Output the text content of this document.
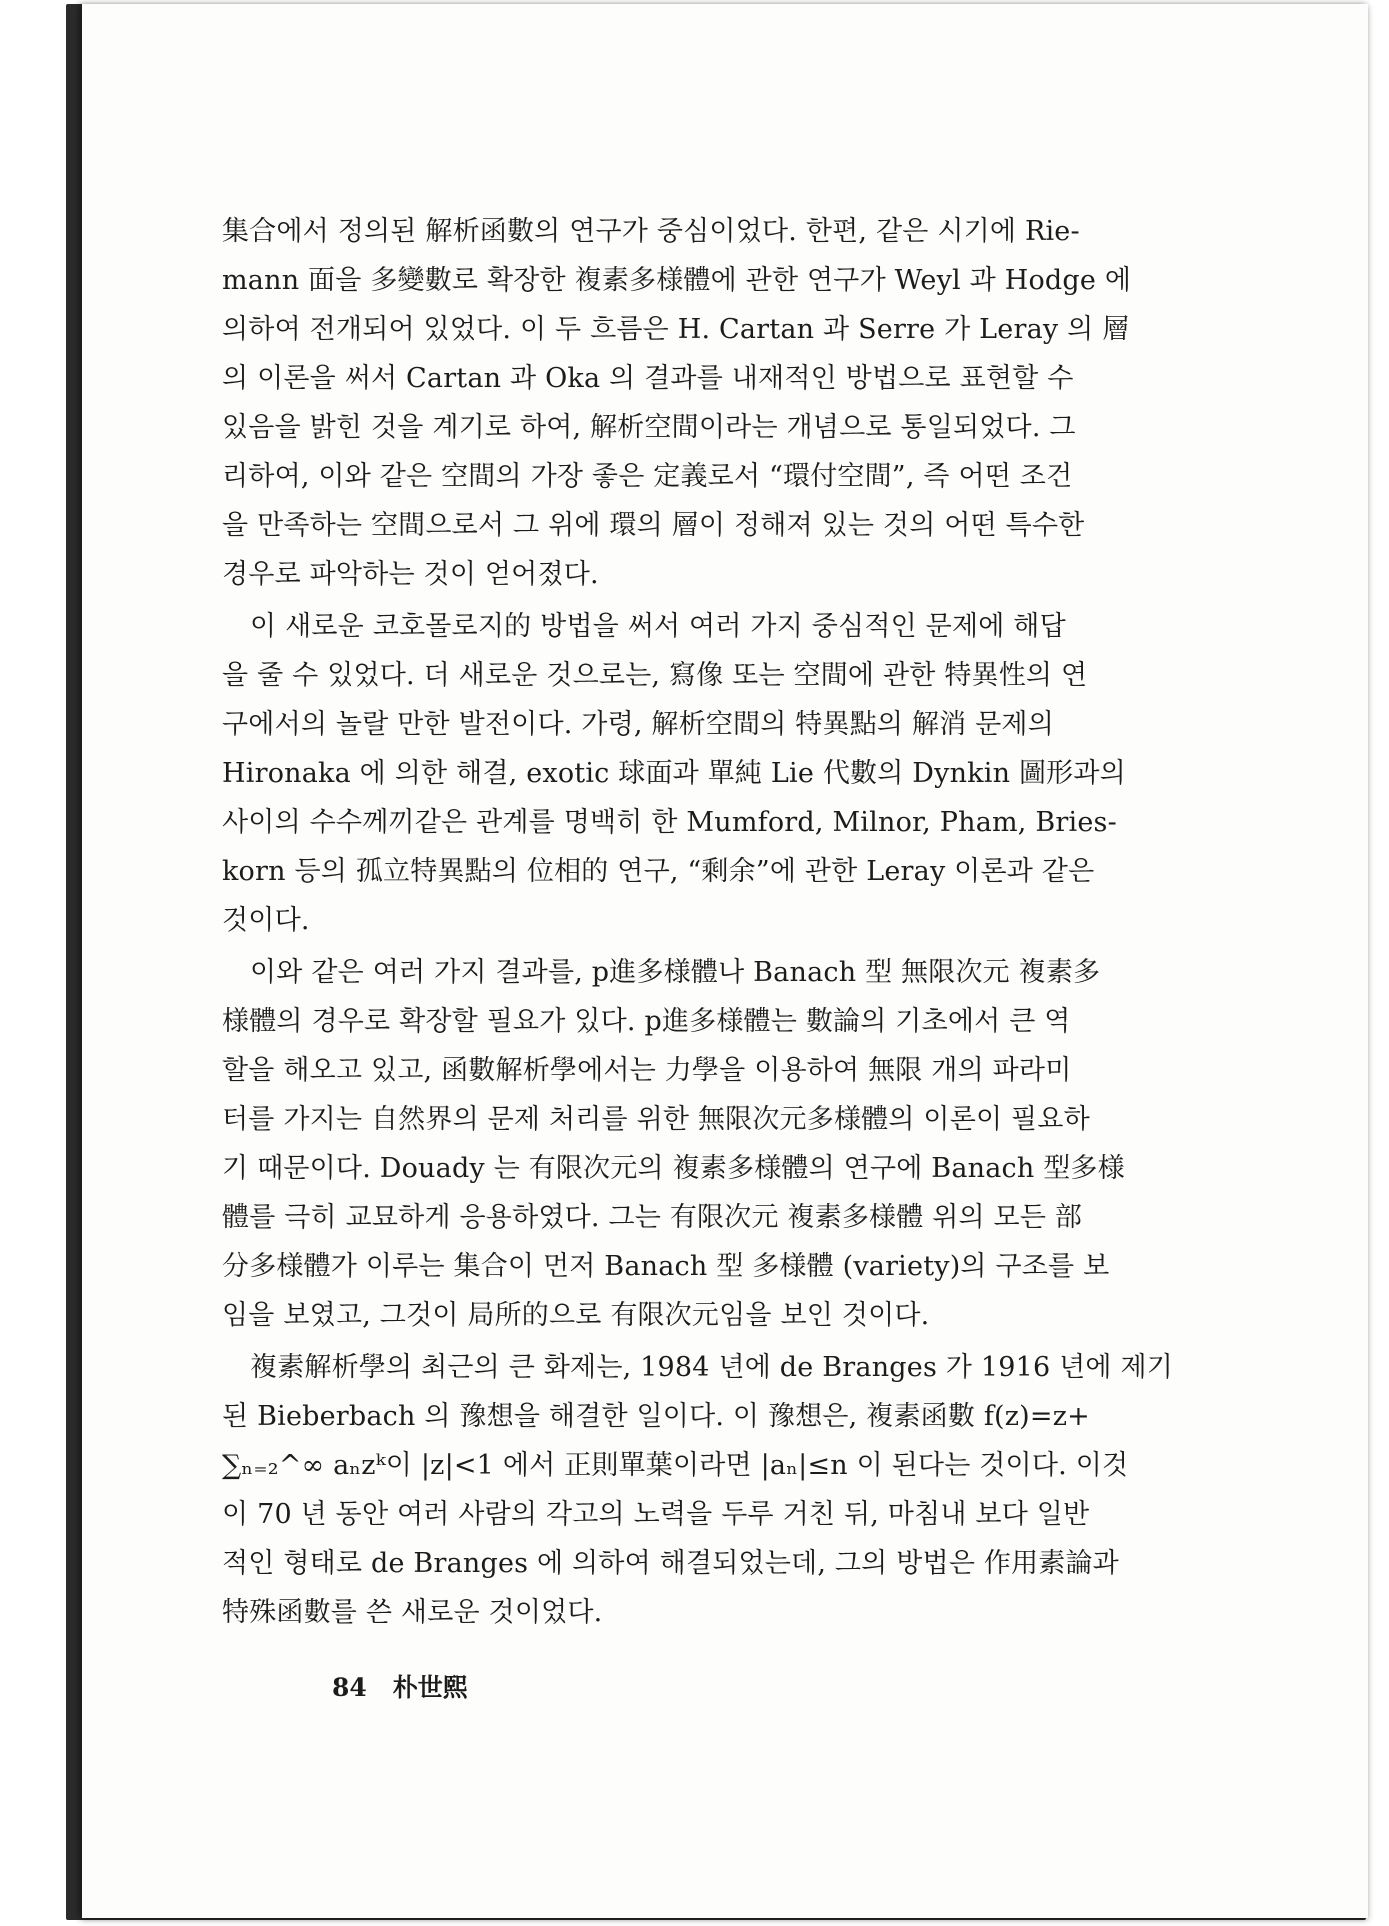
集合에서 정의된 解析函數의 연구가 중심이었다. 한편, 같은 시기에 Rie-
mann 面을 多變數로 확장한 複素多様體에 관한 연구가 Weyl 과 Hodge 에
의하여 전개되어 있었다. 이 두 흐름은 H. Cartan 과 Serre 가 Leray 의 層
의 이론을 써서 Cartan 과 Oka 의 결과를 내재적인 방법으로 표현할 수
있음을 밝힌 것을 계기로 하여, 解析空間이라는 개념으로 통일되었다. 그
리하여, 이와 같은 空間의 가장 좋은 定義로서 “環付空間”, 즉 어떤 조건
을 만족하는 空間으로서 그 위에 環의 層이 정해져 있는 것의 어떤 특수한
경우로 파악하는 것이 얻어졌다.
이 새로운 코호몰로지的 방법을 써서 여러 가지 중심적인 문제에 해답
을 줄 수 있었다. 더 새로운 것으로는, 寫像 또는 空間에 관한 特異性의 연
구에서의 놀랄 만한 발전이다. 가령, 解析空間의 特異點의 解消 문제의
Hironaka 에 의한 해결, exotic 球面과 單純 Lie 代數의 Dynkin 圖形과의
사이의 수수께끼같은 관계를 명백히 한 Mumford, Milnor, Pham, Bries-
korn 등의 孤立特異點의 位相的 연구, “剩余”에 관한 Leray 이론과 같은
것이다.
이와 같은 여러 가지 결과를, p進多様體나 Banach 型 無限次元 複素多
様體의 경우로 확장할 필요가 있다. p進多様體는 數論의 기초에서 큰 역
할을 해오고 있고, 函數解析學에서는 力學을 이용하여 無限 개의 파라미
터를 가지는 自然界의 문제 처리를 위한 無限次元多様體의 이론이 필요하
기 때문이다. Douady 는 有限次元의 複素多様體의 연구에 Banach 型多様
體를 극히 교묘하게 응용하였다. 그는 有限次元 複素多様體 위의 모든 部
分多様體가 이루는 集合이 먼저 Banach 型 多様體 (variety)의 구조를 보
임을 보였고, 그것이 局所的으로 有限次元임을 보인 것이다.
複素解析學의 최근의 큰 화제는, 1984 년에 de Branges 가 1916 년에 제기
된 Bieberbach 의 豫想을 해결한 일이다. 이 豫想은, 複素函數 f(z)=z+
∑ₙ₌₂^∞ aₙzᵏ이 |z|<1 에서 正則單葉이라면 |aₙ|≤n 이 된다는 것이다. 이것
이 70 년 동안 여러 사람의 각고의 노력을 두루 거친 뒤, 마침내 보다 일반
적인 형태로 de Branges 에 의하여 해결되었는데, 그의 방법은 作用素論과
特殊函數를 쓴 새로운 것이었다.
84 朴世熙
